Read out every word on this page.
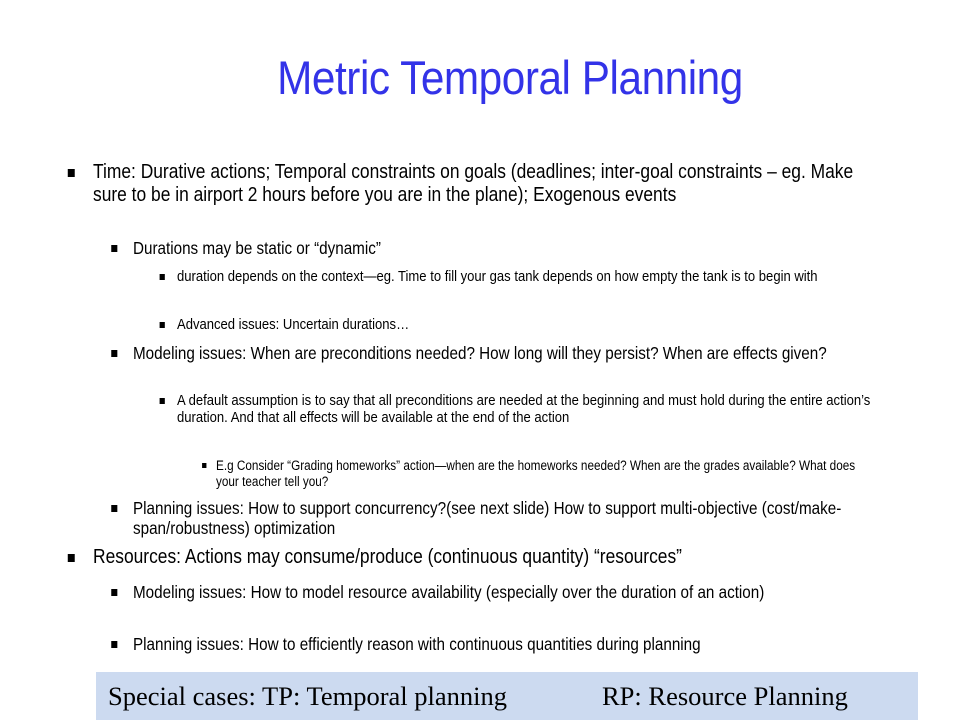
Metric Temporal Planning
Time: Durative actions; Temporal constraints on goals (deadlines; inter-goal constraints – eg. Make sure to be in airport 2 hours before you are in the plane); Exogenous events
Durations may be static or “dynamic”
duration depends on the context—eg. Time to fill your gas tank depends on how empty the tank is to begin with
Advanced issues: Uncertain durations…
Modeling issues: When are preconditions needed? How long will they persist? When are effects given?
A default assumption is to say that all preconditions are needed at the beginning and must hold during the entire action’s duration. And that all effects will be available at the end of the action
E.g Consider “Grading homeworks” action—when are the homeworks needed? When are the grades available? What does your teacher tell you?
Planning issues: How to support concurrency?(see next slide) How to support multi-objective (cost/make-span/robustness) optimization
Resources: Actions may consume/produce (continuous quantity) “resources”
Modeling issues: How to model resource availability (especially over the duration of an action)
Planning issues: How to efficiently reason with continuous quantities during planning
Special cases: TP: Temporal planning	RP: Resource Planning
